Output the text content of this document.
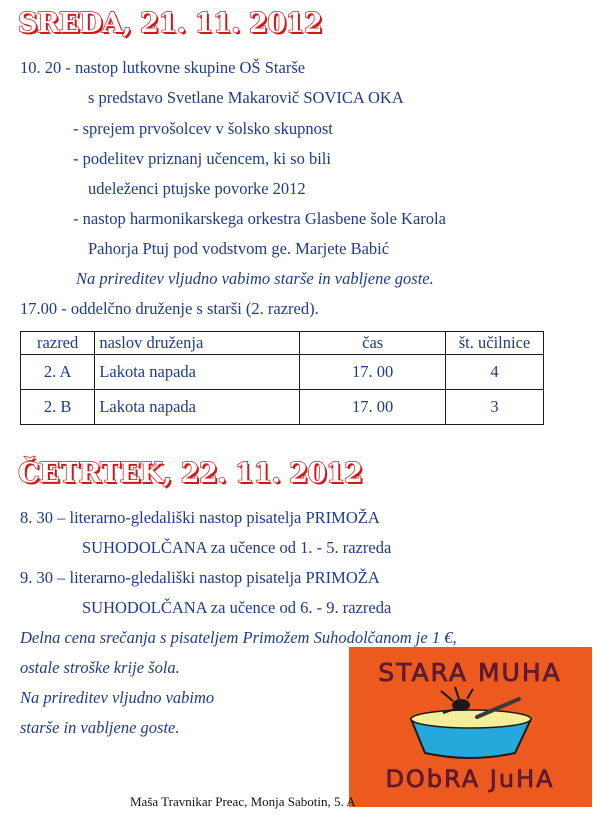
SREDA, 21. 11. 2012
10. 20 - nastop lutkovne skupine OŠ Starše
s predstavo Svetlane Makarovič SOVICA OKA
- sprejem prvošolcev v šolsko skupnost
- podelitev priznanj učencem, ki so bili
udeleženci ptujske povorke 2012
- nastop harmonikarskega orkestra Glasbene šole Karola
Pahorja Ptuj pod vodstvom ge. Marjete Babić
Na prireditev vljudno vabimo starše in vabljene goste.
17.00 - oddelčno druženje s starši (2. razred).
razred	naslov druženja	čas	št. učilnice
2. A	Lakota napada	17. 00	4
2. B	Lakota napada	17. 00	3
ČETRTEK, 22. 11. 2012
8. 30 – literarno-gledališki nastop pisatelja PRIMOŽA
SUHODOLČANA za učence od 1. - 5. razreda
9. 30 – literarno-gledališki nastop pisatelja PRIMOŽA
SUHODOLČANA za učence od 6. - 9. razreda
Delna cena srečanja s pisateljem Primožem Suhodolčanom je 1 €,
ostale stroške krije šola.
Na prireditev vljudno vabimo
starše in vabljene goste.
STARA MUHA
DObRA JuHA
Maša Travnikar Preac, Monja Sabotin, 5. A
